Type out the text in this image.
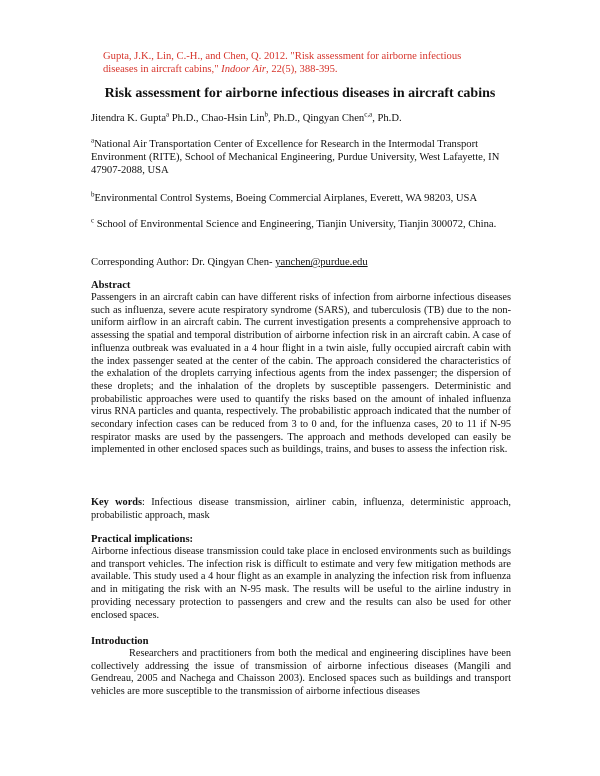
Gupta, J.K., Lin, C.-H., and Chen, Q. 2012. "Risk assessment for airborne infectious
diseases in aircraft cabins," Indoor Air, 22(5), 388-395.
Risk assessment for airborne infectious diseases in aircraft cabins
Jitendra K. Gupta$^a$ Ph.D., Chao-Hsin Lin$^b$, Ph.D., Qingyan Chen$^{c,a}$, Ph.D.
$^a$National Air Transportation Center of Excellence for Research in the Intermodal Transport Environment (RITE), School of Mechanical Engineering, Purdue University, West Lafayette, IN 47907-2088, USA
$^b$Environmental Control Systems, Boeing Commercial Airplanes, Everett, WA 98203, USA
$^c$ School of Environmental Science and Engineering, Tianjin University, Tianjin 300072, China.
Corresponding Author: Dr. Qingyan Chen- yanchen@purdue.edu
Abstract
Passengers in an aircraft cabin can have different risks of infection from airborne infectious diseases such as influenza, severe acute respiratory syndrome (SARS), and tuberculosis (TB) due to the non-uniform airflow in an aircraft cabin. The current investigation presents a comprehensive approach to assessing the spatial and temporal distribution of airborne infection risk in an aircraft cabin. A case of influenza outbreak was evaluated in a 4 hour flight in a twin aisle, fully occupied aircraft cabin with the index passenger seated at the center of the cabin. The approach considered the characteristics of the exhalation of the droplets carrying infectious agents from the index passenger; the dispersion of these droplets; and the inhalation of the droplets by susceptible passengers. Deterministic and probabilistic approaches were used to quantify the risks based on the amount of inhaled influenza virus RNA particles and quanta, respectively. The probabilistic approach indicated that the number of secondary infection cases can be reduced from 3 to 0 and, for the influenza cases, 20 to 11 if N-95 respirator masks are used by the passengers. The approach and methods developed can easily be implemented in other enclosed spaces such as buildings, trains, and buses to assess the infection risk.
Key words: Infectious disease transmission, airliner cabin, influenza, deterministic approach, probabilistic approach, mask
Practical implications:
Airborne infectious disease transmission could take place in enclosed environments such as buildings and transport vehicles. The infection risk is difficult to estimate and very few mitigation methods are available. This study used a 4 hour flight as an example in analyzing the infection risk from influenza and in mitigating the risk with an N-95 mask. The results will be useful to the airline industry in providing necessary protection to passengers and crew and the results can also be used for other enclosed spaces.
Introduction
Researchers and practitioners from both the medical and engineering disciplines have been collectively addressing the issue of transmission of airborne infectious diseases (Mangili and Gendreau, 2005 and Nachega and Chaisson 2003). Enclosed spaces such as buildings and transport vehicles are more susceptible to the transmission of airborne infectious diseases
